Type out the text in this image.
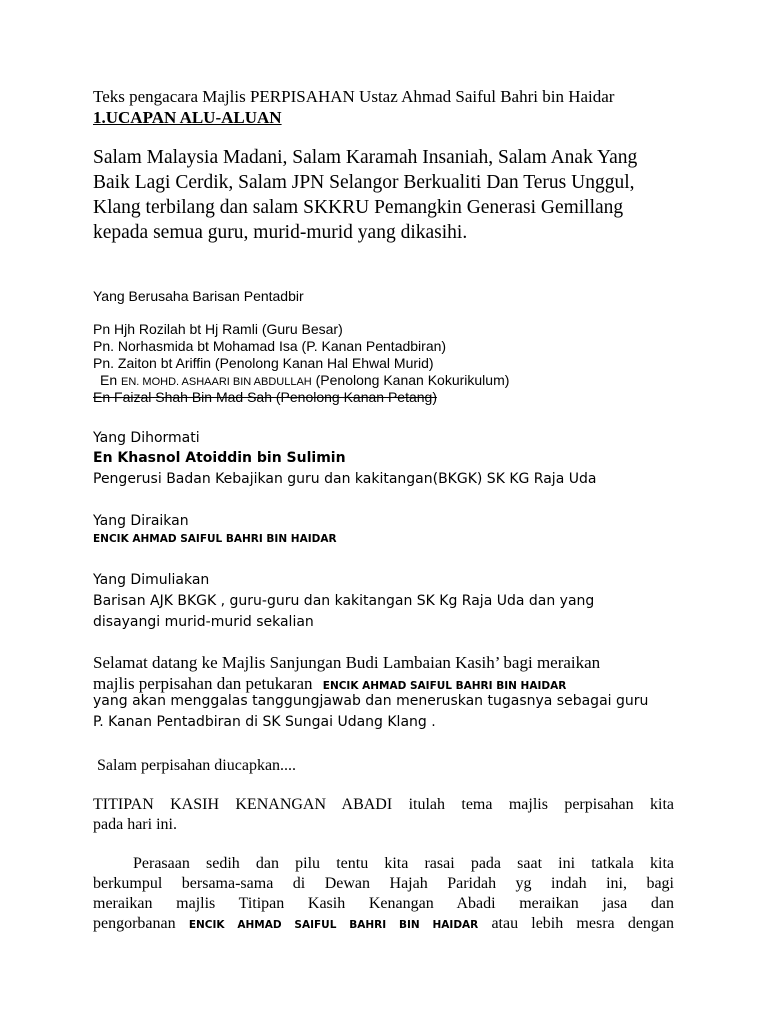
Teks pengacara Majlis PERPISAHAN Ustaz Ahmad Saiful Bahri bin Haidar

1.UCAPAN ALU-ALUAN

Salam Malaysia Madani, Salam Karamah Insaniah, Salam Anak Yang

Baik Lagi Cerdik, Salam JPN Selangor Berkualiti Dan Terus Unggul,

Klang terbilang dan salam SKKRU Pemangkin Generasi Gemillang

kepada semua guru, murid-murid yang dikasihi.

Yang Berusaha Barisan Pentadbir

Pn Hjh Rozilah bt Hj Ramli (Guru Besar)

Pn. Norhasmida bt Mohamad Isa (P. Kanan Pentadbiran)

Pn. Zaiton bt Ariffin (Penolong Kanan Hal Ehwal Murid)

En EN. MOHD. ASHAARI BIN ABDULLAH (Penolong Kanan Kokurikulum)

En Faizal Shah Bin Mad Sah (Penolong Kanan Petang)

Yang Dihormati

En Khasnol Atoiddin bin Sulimin

Pengerusi Badan Kebajikan guru dan kakitangan(BKGK) SK KG Raja Uda

Yang Diraikan

ENCIK AHMAD SAIFUL BAHRI BIN HAIDAR

Yang Dimuliakan

Barisan AJK BKGK , guru-guru dan kakitangan SK Kg Raja Uda dan yang

disayangi murid-murid sekalian

Selamat datang ke Majlis Sanjungan Budi Lambaian Kasih’ bagi meraikan

majlis perpisahan dan petukaran ENCIK AHMAD SAIFUL BAHRI BIN HAIDAR

yang akan menggalas tanggungjawab dan meneruskan tugasnya sebagai guru

P. Kanan Pentadbiran di SK Sungai Udang Klang .

Salam perpisahan diucapkan....

TITIPAN KASIH KENANGAN ABADI itulah tema majlis perpisahan kita

pada hari ini.

Perasaan sedih dan pilu tentu kita rasai pada saat ini tatkala kita

berkumpul bersama-sama di Dewan Hajah Paridah yg indah ini, bagi

meraikan majlis Titipan Kasih Kenangan Abadi meraikan jasa dan

pengorbanan ENCIK AHMAD SAIFUL BAHRI BIN HAIDAR atau lebih mesra dengan
